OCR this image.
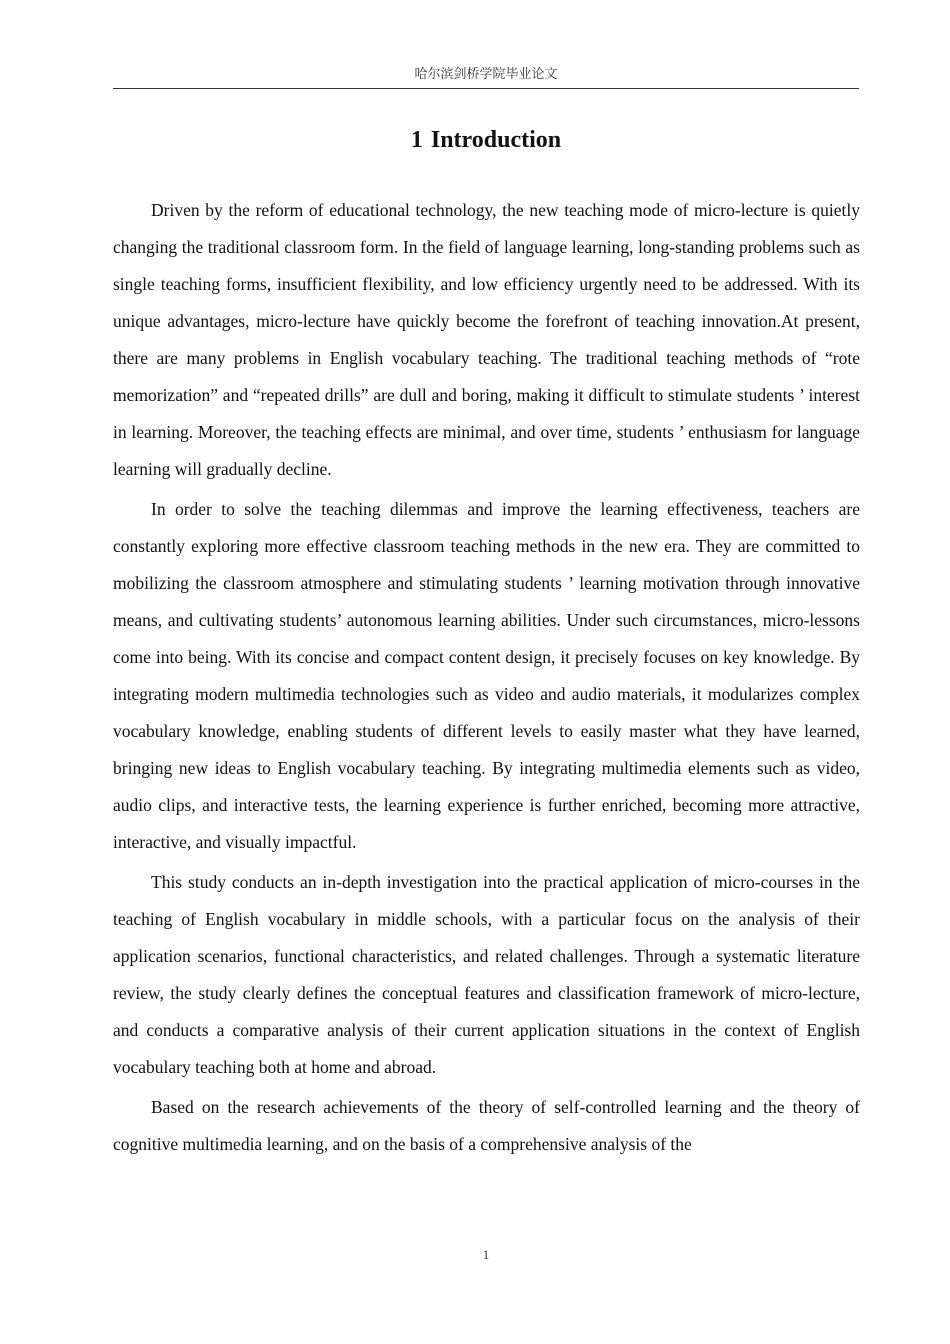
哈尔滨剑桥学院毕业论文
1 Introduction

Driven by the reform of educational technology, the new teaching mode of micro-lecture is quietly changing the traditional classroom form. In the field of language learning, long-standing problems such as single teaching forms, insufficient flexibility, and low efficiency urgently need to be addressed. With its unique advantages, micro-lecture have quickly become the forefront of teaching innovation.At present, there are many problems in English vocabulary teaching. The traditional teaching methods of “rote memorization” and “repeated drills” are dull and boring, making it difficult to stimulate students ’ interest in learning. Moreover, the teaching effects are minimal, and over time, students ’ enthusiasm for language learning will gradually decline.

In order to solve the teaching dilemmas and improve the learning effectiveness, teachers are constantly exploring more effective classroom teaching methods in the new era. They are committed to mobilizing the classroom atmosphere and stimulating students ’ learning motivation through innovative means, and cultivating students’ autonomous learning abilities. Under such circumstances, micro-lessons come into being. With its concise and compact content design, it precisely focuses on key knowledge. By integrating modern multimedia technologies such as video and audio materials, it modularizes complex vocabulary knowledge, enabling students of different levels to easily master what they have learned, bringing new ideas to English vocabulary teaching. By integrating multimedia elements such as video, audio clips, and interactive tests, the learning experience is further enriched, becoming more attractive, interactive, and visually impactful.

This study conducts an in-depth investigation into the practical application of micro-courses in the teaching of English vocabulary in middle schools, with a particular focus on the analysis of their application scenarios, functional characteristics, and related challenges. Through a systematic literature review, the study clearly defines the conceptual features and classification framework of micro-lecture, and conducts a comparative analysis of their current application situations in the context of English vocabulary teaching both at home and abroad.

Based on the research achievements of the theory of self-controlled learning and the theory of cognitive multimedia learning, and on the basis of a comprehensive analysis of the

1
